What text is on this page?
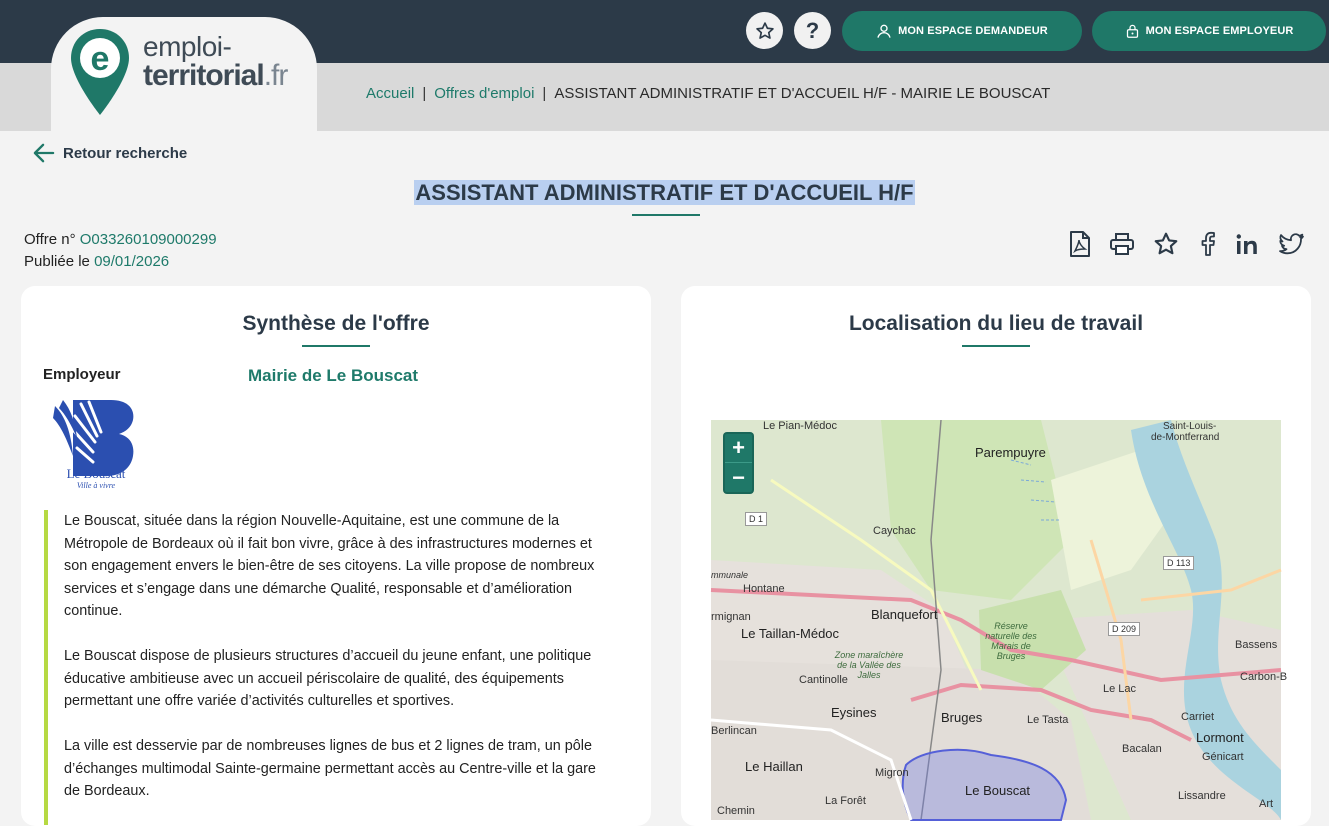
e emploi-
territorial.fr
?	MON ESPACE DEMANDEUR	MON ESPACE EMPLOYEUR
Accueil | Offres d'emploi | ASSISTANT ADMINISTRATIF ET D'ACCUEIL H/F - MAIRIE LE BOUSCAT
Retour recherche
ASSISTANT ADMINISTRATIF ET D'ACCUEIL H/F
Offre n° O033260109000299
Publiée le 09/01/2026
Synthèse de l'offre
Employeur	Mairie de Le Bouscat
Le Bouscat
Ville à vivre

Le Bouscat, située dans la région Nouvelle-Aquitaine, est une commune de la Métropole de Bordeaux où il fait bon vivre, grâce à des infrastructures modernes et son engagement envers le bien-être de ses citoyens. La ville propose de nombreux services et s’engage dans une démarche Qualité, responsable et d’amélioration continue.

Le Bouscat dispose de plusieurs structures d’accueil du jeune enfant, une politique éducative ambitieuse avec un accueil périscolaire de qualité, des équipements permettant une offre variée d’activités culturelles et sportives.

La ville est desservie par de nombreuses lignes de bus et 2 lignes de tram, un pôle d’échanges multimodal Sainte-germaine permettant accès au Centre-ville et la gare de Bordeaux.

Localisation du lieu de travail
+
−
Le Pian-Médoc	Saint-Louis-
de-Montferrand
Parempuyre
D 1
Caychac
D 113
mmunale
Hontane
rmignan	Blanquefort
Réserve naturelle des Marais de Bruges
D 209
Le Taillan-Médoc
Zone maraîchère de la Vallée des Jalles
Bassens
Cantinolle	Carbon-B
Le Lac
Eysines	Bruges	Le Tasta	Carriet
Lormont
Berlincan
Bacalan
Génicart
Le Haillan	Migron
Le Bouscat
La Forêt	Lissandre
Chemin
Art
